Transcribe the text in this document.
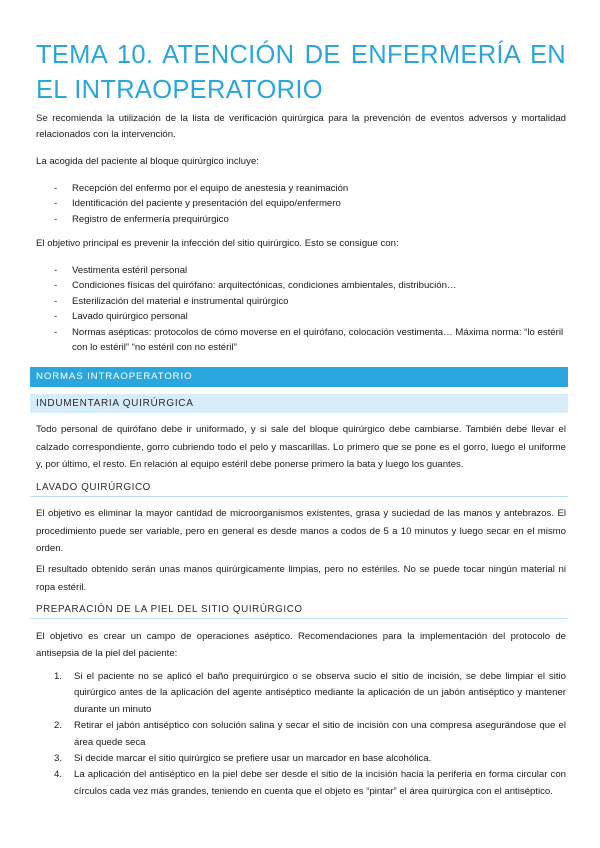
TEMA 10. ATENCIÓN DE ENFERMERÍA EN EL INTRAOPERATORIO

Se recomienda la utilización de la lista de verificación quirúrgica para la prevención de eventos adversos y mortalidad relacionados con la intervención.

La acogida del paciente al bloque quirúrgico incluye:

- Recepción del enfermo por el equipo de anestesia y reanimación
- Identificación del paciente y presentación del equipo/enfermero
- Registro de enfermería prequirúrgico

El objetivo principal es prevenir la infección del sitio quirúrgico. Esto se consigue con:

- Vestimenta estéril personal
- Condiciones físicas del quirófano: arquitectónicas, condiciones ambientales, distribución…
- Esterilización del material e instrumental quirúrgico
- Lavado quirúrgico personal
- Normas asépticas: protocolos de cómo moverse en el quirófano, colocación vestimenta… Máxima norma: “lo estéril con lo estéril” “no estéril con no estéril”
NORMAS INTRAOPERATORIO
INDUMENTARIA QUIRÚRGICA

Todo personal de quirófano debe ir uniformado, y si sale del bloque quirúrgico debe cambiarse. También debe llevar el calzado correspondiente, gorro cubriendo todo el pelo y mascarillas. Lo primero que se pone es el gorro, luego el uniforme y, por último, el resto. En relación al equipo estéril debe ponerse primero la bata y luego los guantes.

LAVADO QUIRÚRGICO

El objetivo es eliminar la mayor cantidad de microorganismos existentes, grasa y suciedad de las manos y antebrazos. El procedimiento puede ser variable, pero en general es desde manos a codos de 5 a 10 minutos y luego secar en el mismo orden.

El resultado obtenido serán unas manos quirúrgicamente limpias, pero no estériles. No se puede tocar ningún material ni ropa estéril.

PREPARACIÓN DE LA PIEL DEL SITIO QUIRÚRGICO

El objetivo es crear un campo de operaciones aséptico. Recomendaciones para la implementación del protocolo de antisepsia de la piel del paciente:

1. Si el paciente no se aplicó el baño prequirúrgico o se observa sucio el sitio de incisión, se debe limpiar el sitio quirúrgico antes de la aplicación del agente antiséptico mediante la aplicación de un jabón antiséptico y mantener durante un minuto
2. Retirar el jabón antiséptico con solución salina y secar el sitio de incisión con una compresa asegurándose que el área quede seca
3. Si decide marcar el sitio quirúrgico se prefiere usar un marcador en base alcohólica.
4. La aplicación del antiséptico en la piel debe ser desde el sitio de la incisión hacia la periferia en forma circular con círculos cada vez más grandes, teniendo en cuenta que el objeto es “pintar” el área quirúrgica con el antiséptico.
